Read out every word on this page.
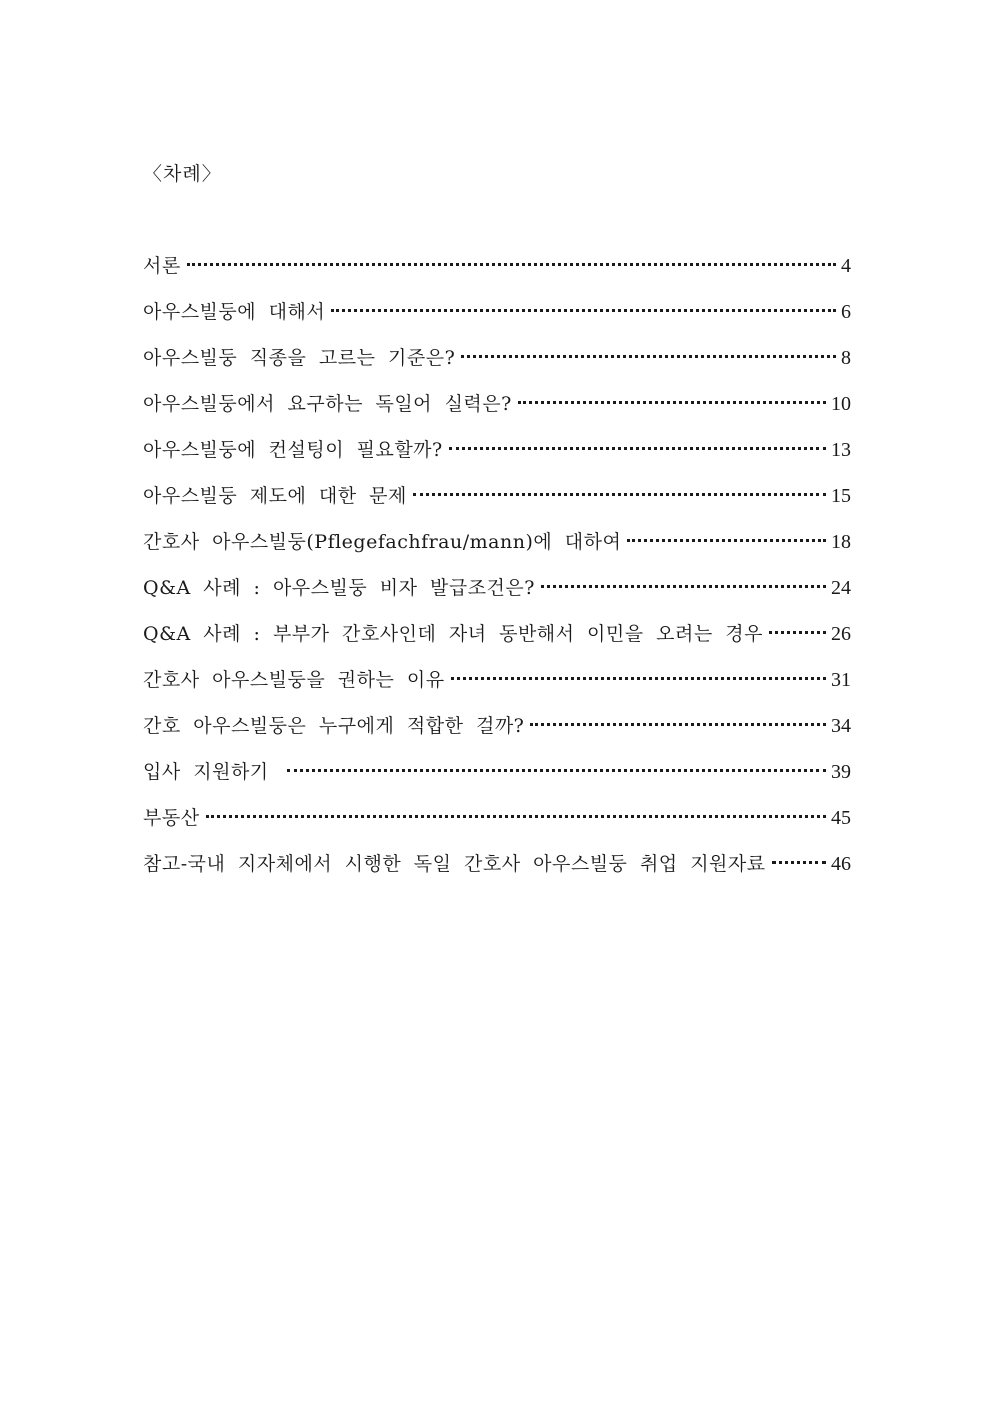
〈차례〉
서론	4
아우스빌둥에 대해서	6
아우스빌둥 직종을 고르는 기준은?	8
아우스빌둥에서 요구하는 독일어 실력은?	10
아우스빌둥에 컨설팅이 필요할까?	13
아우스빌둥 제도에 대한 문제	15
간호사 아우스빌둥(Pflegefachfrau/mann)에 대하여	18
Q&A 사례 : 아우스빌둥 비자 발급조건은?	24
Q&A 사례 : 부부가 간호사인데 자녀 동반해서 이민을 오려는 경우	26
간호사 아우스빌둥을 권하는 이유	31
간호 아우스빌둥은 누구에게 적합한 걸까?	34
입사 지원하기	39
부동산	45
참고-국내 지자체에서 시행한 독일 간호사 아우스빌둥 취업 지원자료	46
